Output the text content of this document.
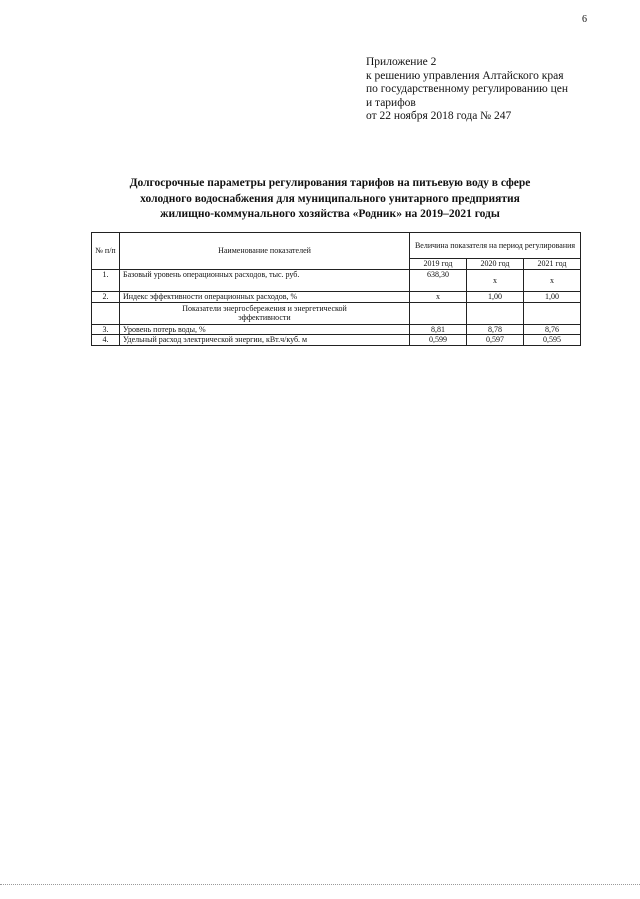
6
Приложение 2
к решению управления Алтайского края
по государственному регулированию цен
и тарифов
от 22 ноября 2018 года № 247
Долгосрочные параметры регулирования тарифов на питьевую воду в сфере
холодного водоснабжения для муниципального унитарного предприятия
жилищно-коммунального хозяйства «Родник» на 2019–2021 годы
№ п/п	Наименование показателей	Величина показателя на период регулирования		
		2019 год	2020 год	2021 год
1.	Базовый уровень операционных расходов, тыс. руб.	638,30	х	х
2.	Индекс эффективности операционных расходов, %	х	1,00	1,00

	Показатели энергосбережения и энергетической эффективности			

3.	Уровень потерь воды, %	8,81	8,78	8,76
4.	Удельный расход электрической энергии, кВт.ч/куб. м	0,599	0,597	0,595
